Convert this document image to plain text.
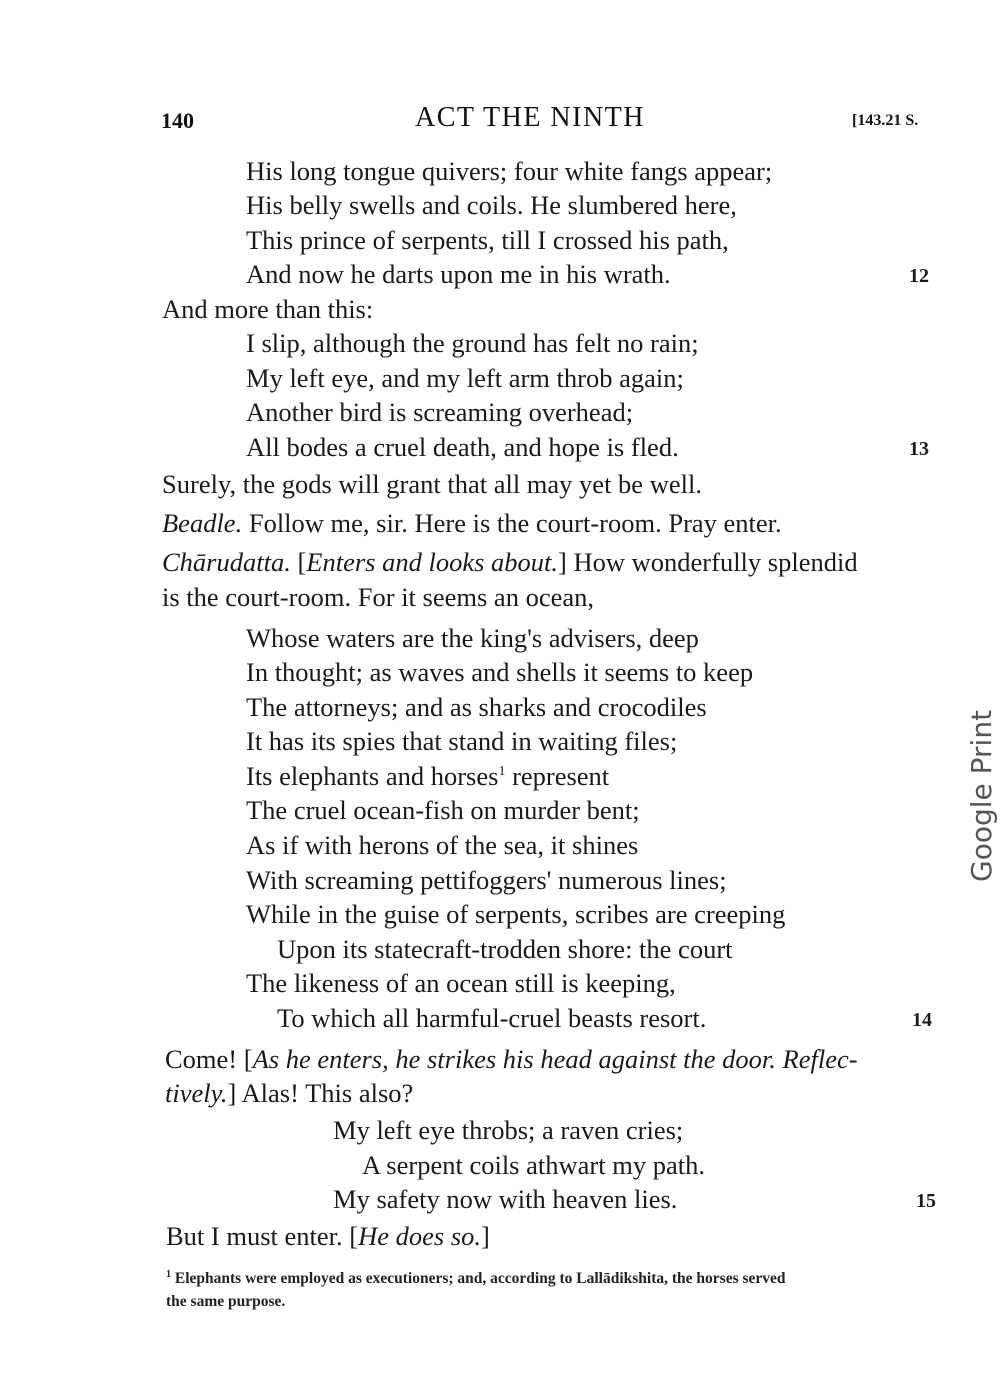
140	ACT THE NINTH	[143.21 S.
His long tongue quivers; four white fangs appear;
His belly swells and coils. He slumbered here,
This prince of serpents, till I crossed his path,
And now he darts upon me in his wrath.	12
And more than this:
I slip, although the ground has felt no rain;
My left eye, and my left arm throb again;
Another bird is screaming overhead;
All bodes a cruel death, and hope is fled.	13
Surely, the gods will grant that all may yet be well.
Beadle. Follow me, sir. Here is the court-room. Pray enter.
Chārudatta. [Enters and looks about.] How wonderfully splendid
is the court-room. For it seems an ocean,
Whose waters are the king's advisers, deep
In thought; as waves and shells it seems to keep
The attorneys; and as sharks and crocodiles
It has its spies that stand in waiting files;
Its elephants and horses$^1$ represent
The cruel ocean-fish on murder bent;
As if with herons of the sea, it shines
With screaming pettifoggers' numerous lines;
While in the guise of serpents, scribes are creeping
Upon its statecraft-trodden shore: the court
The likeness of an ocean still is keeping,
To which all harmful-cruel beasts resort.	14
Come! [As he enters, he strikes his head against the door. Reflec-
tively.] Alas! This also?
My left eye throbs; a raven cries;
A serpent coils athwart my path.
My safety now with heaven lies.	15
But I must enter. [He does so.]
$^1$ Elephants were employed as executioners; and, according to Lallādikshita, the horses served
the same purpose.
Google Print
